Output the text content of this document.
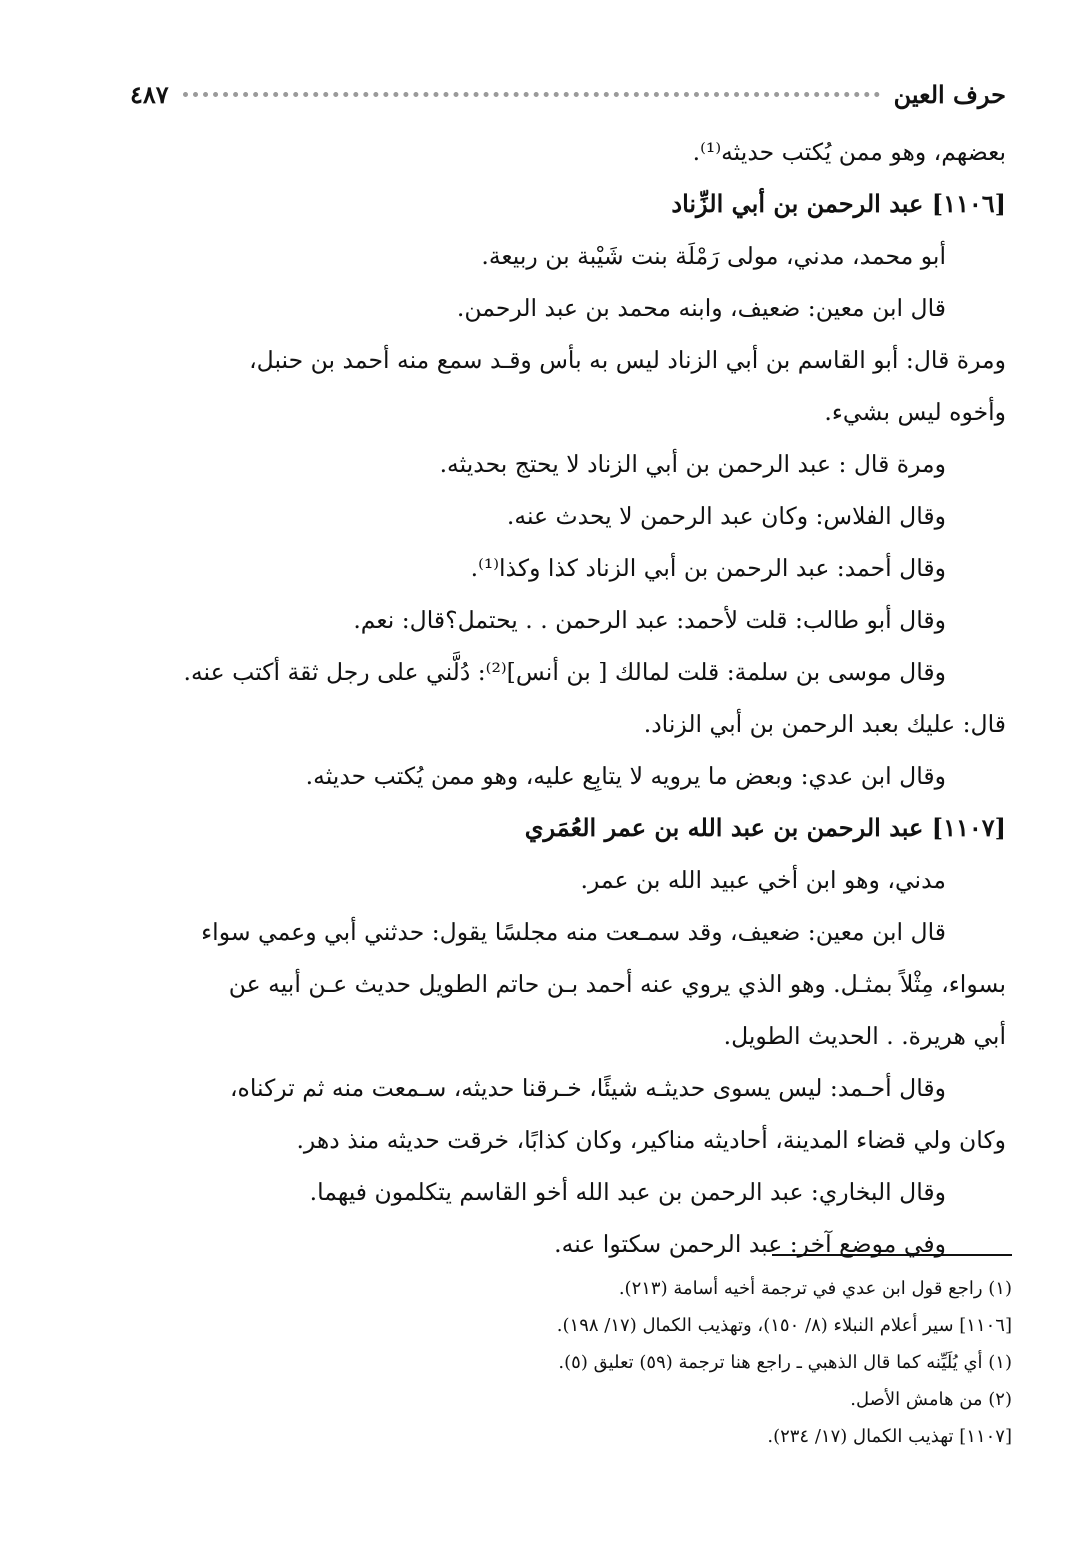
حرف العين
٤٨٧
بعضهم، وهو ممن يُكتب حديثه⁽¹⁾.
[١١٠٦] عبد الرحمن بن أبي الزِّناد
أبو محمد، مدني، مولى رَمْلَة بنت شَيْبة بن ربيعة.
قال ابن معين: ضعيف، وابنه محمد بن عبد الرحمن.
ومرة قال: أبو القاسم بن أبي الزناد ليس به بأس وقـد سمع منه أحمد بن حنبل،
وأخوه ليس بشيء.
ومرة قال : عبد الرحمن بن أبي الزناد لا يحتج بحديثه.
وقال الفلاس: وكان عبد الرحمن لا يحدث عنه.
وقال أحمد: عبد الرحمن بن أبي الزناد كذا وكذا⁽¹⁾.
وقال أبو طالب: قلت لأحمد: عبد الرحمن . . يحتمل؟قال: نعم.
وقال موسى بن سلمة: قلت لمالك [ بن أنس]⁽²⁾: دُلَّني على رجل ثقة أكتب عنه.
قال: عليك بعبد الرحمن بن أبي الزناد.
وقال ابن عدي: وبعض ما يرويه لا يتابِع عليه، وهو ممن يُكتب حديثه.
[١١٠٧] عبد الرحمن بن عبد الله بن عمر العُمَري
مدني، وهو ابن أخي عبيد الله بن عمر.
قال ابن معين: ضعيف، وقد سمـعت منه مجلسًا يقول: حدثني أبي وعمي سواء
بسواء، مِثْلاً بمثـل. وهو الذي يروي عنه أحمد بـن حاتم الطويل حديث عـن أبيه عن
أبي هريرة. . الحديث الطويل.
وقال أحـمد: ليس يسوى حديثـه شيئًا، خـرقنا حديثه، سـمعت منه ثم تركناه،
وكان ولي قضاء المدينة، أحاديثه مناكير، وكان كذابًا، خرقت حديثه منذ دهر.
وقال البخاري: عبد الرحمن بن عبد الله أخو القاسم يتكلمون فيهما.
وفي موضع آخر: عبد الرحمن سكتوا عنه.
(١) راجع قول ابن عدي في ترجمة أخيه أسامة (٢١٣).
[١١٠٦] سير أعلام النبلاء (٨/ ١٥٠)، وتهذيب الكمال (١٧/ ١٩٨).
(١) أي يُلَيِّنه كما قال الذهبي ـ راجع هنا ترجمة (٥٩) تعليق (٥).
(٢) من هامش الأصل.
[١١٠٧] تهذيب الكمال (١٧/ ٢٣٤).
